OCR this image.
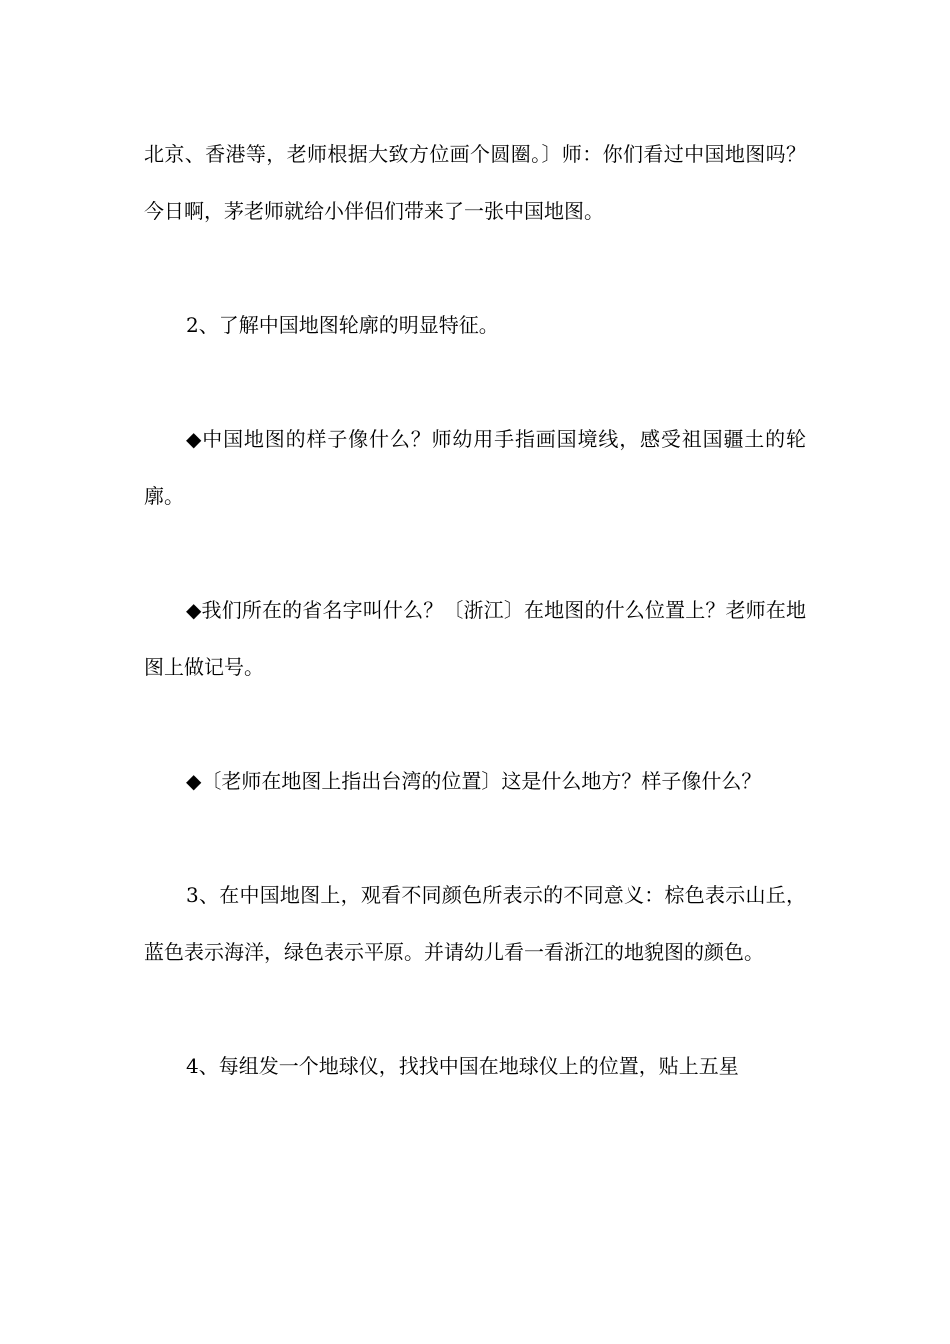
北京、香港等，老师根据大致方位画个圆圈。〕师：你们看过中国地图吗？今日啊，茅老师就给小伴侣们带来了一张中国地图。

2、了解中国地图轮廓的明显特征。

◆中国地图的样子像什么？师幼用手指画国境线，感受祖国疆土的轮廓。

◆我们所在的省名字叫什么？〔浙江〕在地图的什么位置上？老师在地图上做记号。

◆〔老师在地图上指出台湾的位置〕这是什么地方？样子像什么？

3、在中国地图上，观看不同颜色所表示的不同意义：棕色表示山丘，蓝色表示海洋，绿色表示平原。并请幼儿看一看浙江的地貌图的颜色。

4、每组发一个地球仪，找找中国在地球仪上的位置，贴上五星
